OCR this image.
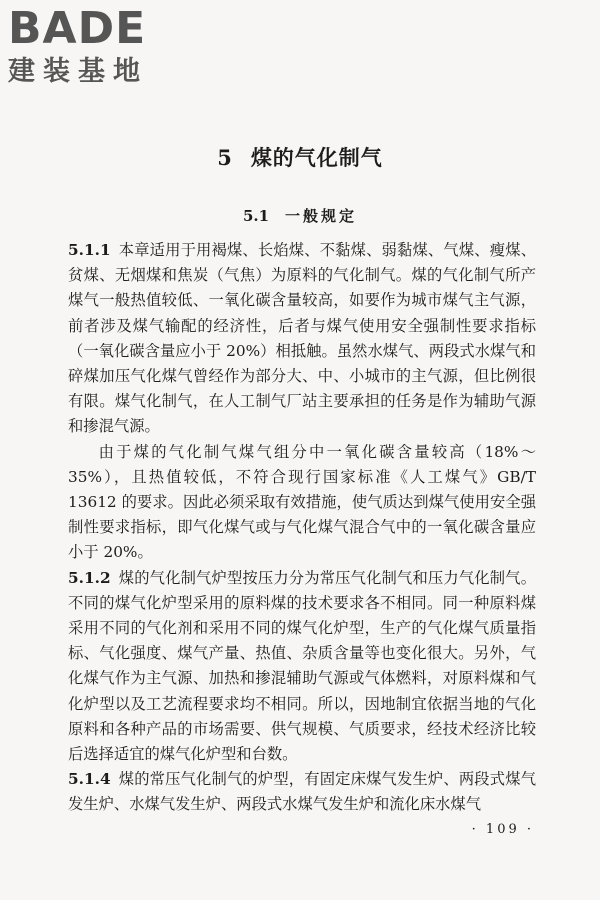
BADE
建装基地
5 煤的气化制气
5.1 一般规定

5.1.1 本章适用于用褐煤、长焰煤、不黏煤、弱黏煤、气煤、瘦煤、贫煤、无烟煤和焦炭（气焦）为原料的气化制气。煤的气化制气所产煤气一般热值较低、一氧化碳含量较高，如要作为城市煤气主气源，前者涉及煤气输配的经济性，后者与煤气使用安全强制性要求指标（一氧化碳含量应小于 20%）相抵触。虽然水煤气、两段式水煤气和碎煤加压气化煤气曾经作为部分大、中、小城市的主气源，但比例很有限。煤气化制气，在人工制气厂站主要承担的任务是作为辅助气源和掺混气源。

由于煤的气化制气煤气组分中一氧化碳含量较高（18%～35%），且热值较低，不符合现行国家标准《人工煤气》GB/T 13612 的要求。因此必须采取有效措施，使气质达到煤气使用安全强制性要求指标，即气化煤气或与气化煤气混合气中的一氧化碳含量应小于 20%。

5.1.2 煤的气化制气炉型按压力分为常压气化制气和压力气化制气。不同的煤气化炉型采用的原料煤的技术要求各不相同。同一种原料煤采用不同的气化剂和采用不同的煤气化炉型，生产的气化煤气质量指标、气化强度、煤气产量、热值、杂质含量等也变化很大。另外，气化煤气作为主气源、加热和掺混辅助气源或气体燃料，对原料煤和气化炉型以及工艺流程要求均不相同。所以，因地制宜依据当地的气化原料和各种产品的市场需要、供气规模、气质要求，经技术经济比较后选择适宜的煤气化炉型和台数。

5.1.4 煤的常压气化制气的炉型，有固定床煤气发生炉、两段式煤气发生炉、水煤气发生炉、两段式水煤气发生炉和流化床水煤气

· 109 ·
